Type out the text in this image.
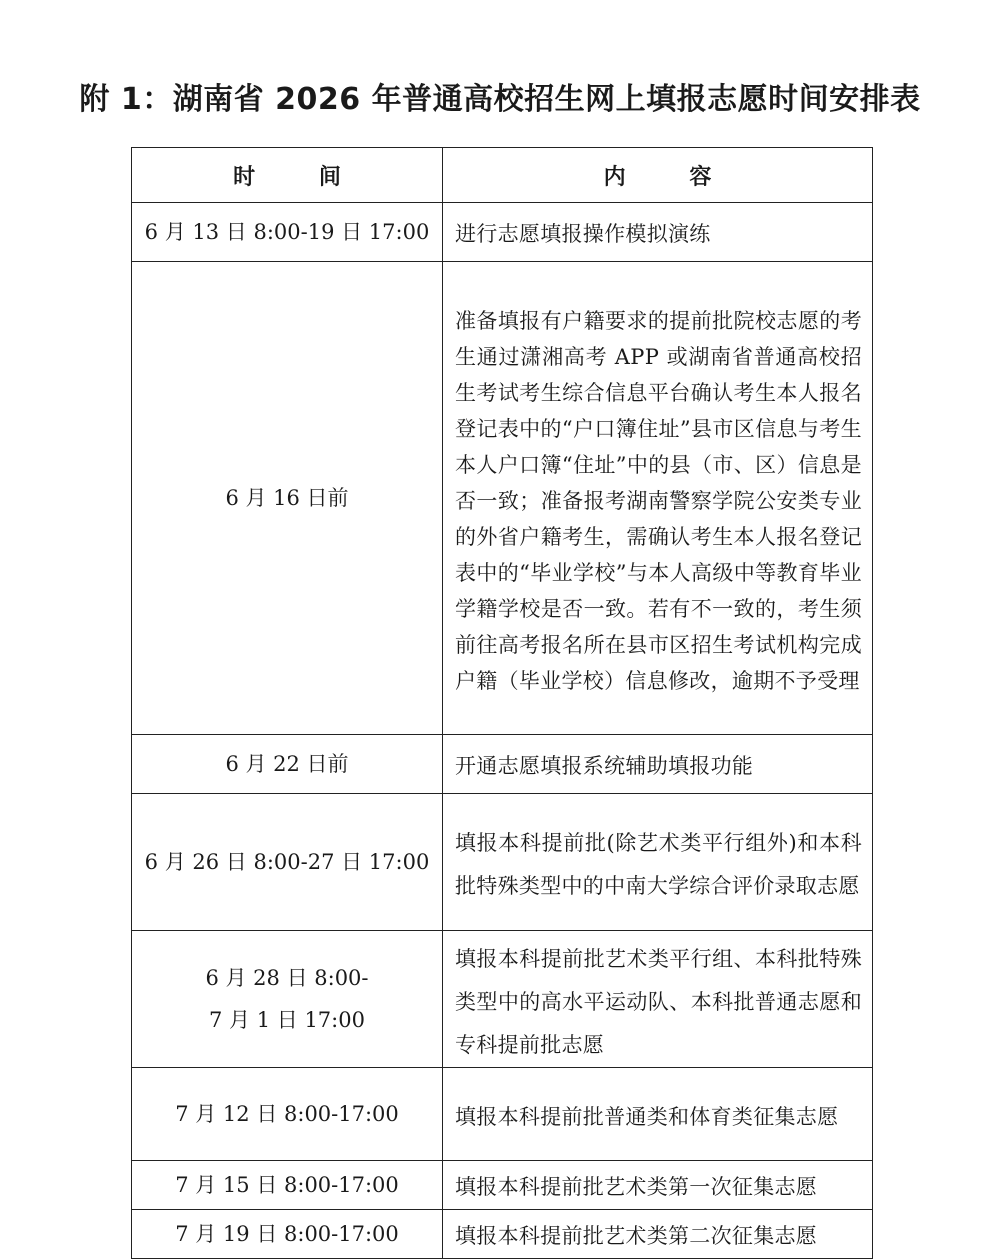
附 1：湖南省 2026 年普通高校招生网上填报志愿时间安排表
时 间	内 容

6 月 13 日 8:00-19 日 17:00	进行志愿填报操作模拟演练

6 月 16 日前	准备填报有户籍要求的提前批院校志愿的考生通过潇湘高考 APP 或湖南省普通高校招生考试考生综合信息平台确认考生本人报名登记表中的“户口簿住址”县市区信息与考生本人户口簿“住址”中的县（市、区）信息是否一致；准备报考湖南警察学院公安类专业的外省户籍考生，需确认考生本人报名登记表中的“毕业学校”与本人高级中等教育毕业学籍学校是否一致。若有不一致的，考生须前往高考报名所在县市区招生考试机构完成户籍（毕业学校）信息修改，逾期不予受理

6 月 22 日前	开通志愿填报系统辅助填报功能

6 月 26 日 8:00-27 日 17:00	填报本科提前批(除艺术类平行组外)和本科批特殊类型中的中南大学综合评价录取志愿

6 月 28 日 8:00-
7 月 1 日 17:00	填报本科提前批艺术类平行组、本科批特殊类型中的高水平运动队、本科批普通志愿和专科提前批志愿

7 月 12 日 8:00-17:00	填报本科提前批普通类和体育类征集志愿

7 月 15 日 8:00-17:00	填报本科提前批艺术类第一次征集志愿

7 月 19 日 8:00-17:00	填报本科提前批艺术类第二次征集志愿
